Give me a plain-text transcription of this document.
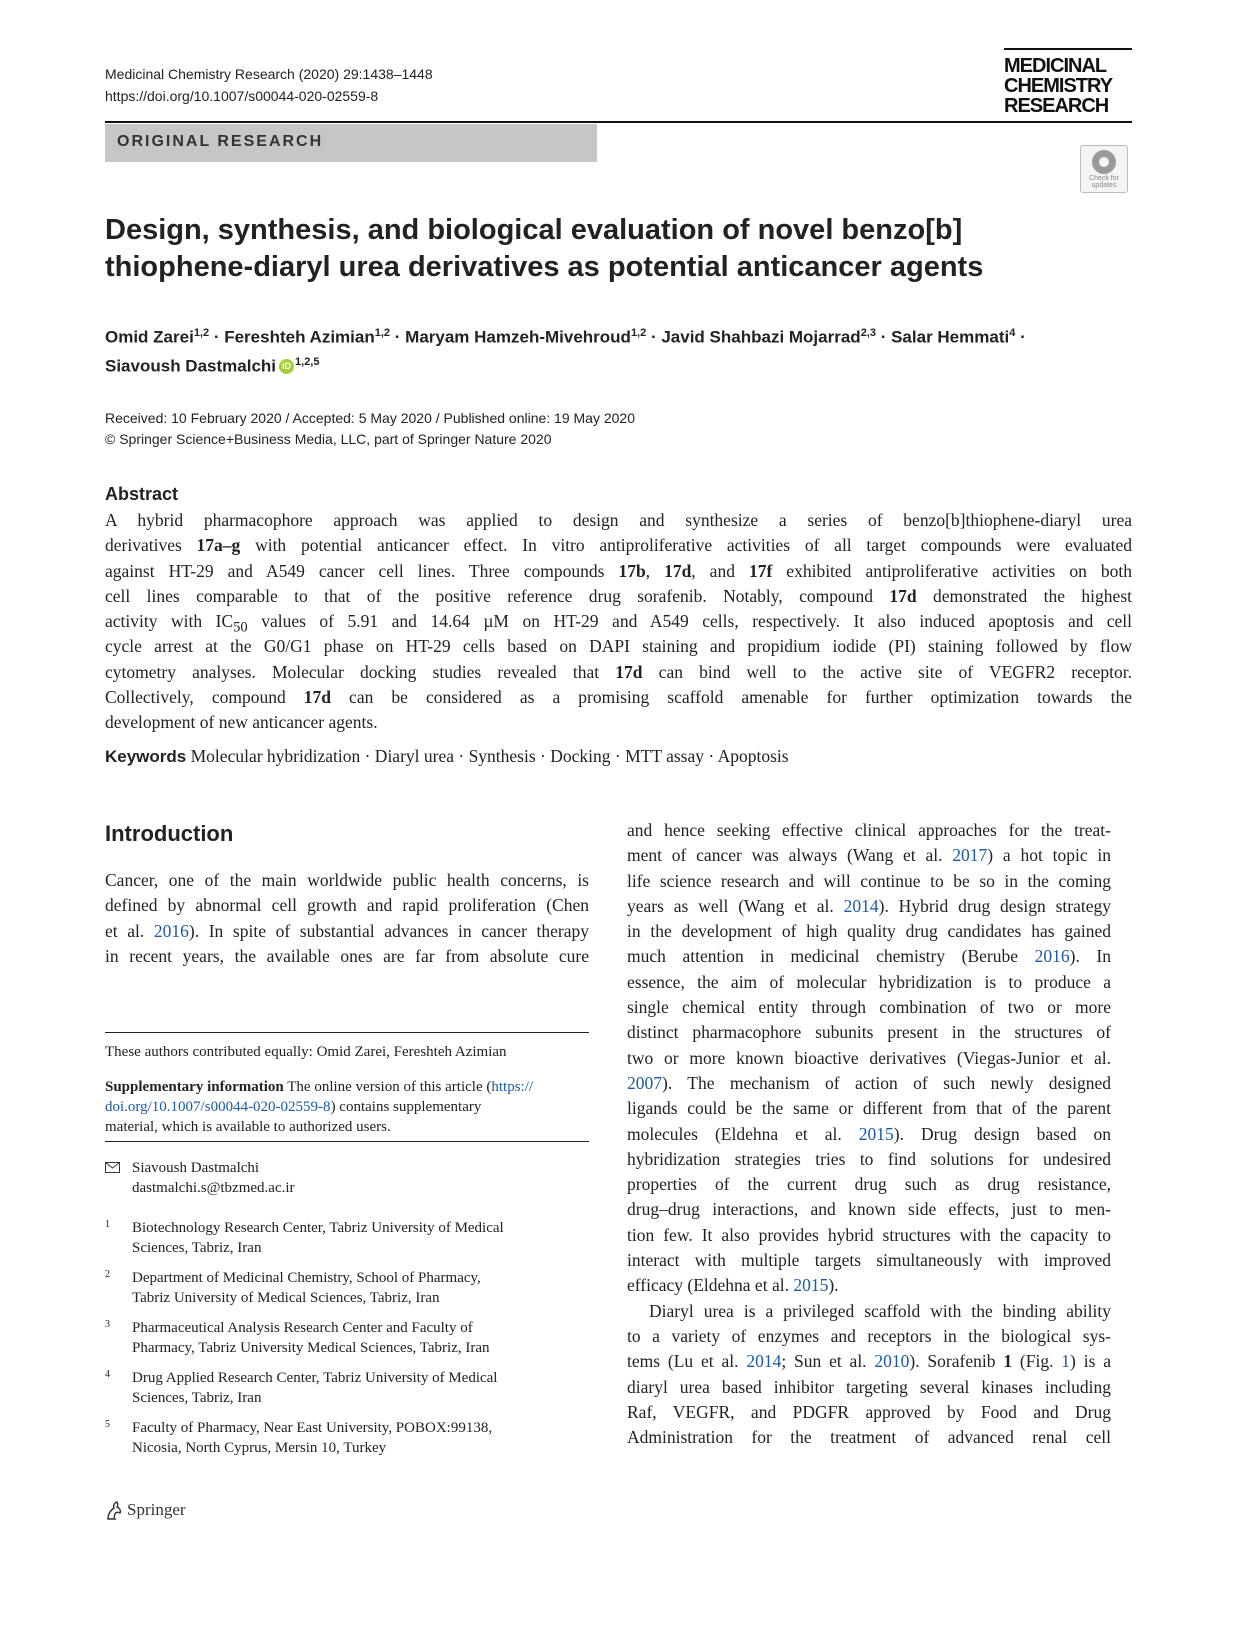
Medicinal Chemistry Research (2020) 29:1438–1448
https://doi.org/10.1007/s00044-020-02559-8
MEDICINAL
CHEMISTRY
RESEARCH
ORIGINAL RESEARCH
Check for
updates
Design, synthesis, and biological evaluation of novel benzo[b]
thiophene-diaryl urea derivatives as potential anticancer agents
Omid Zarei$^{1,2}$ · Fereshteh Azimian$^{1,2}$ · Maryam Hamzeh-Mivehroud$^{1,2}$ · Javid Shahbazi Mojarrad$^{2,3}$ · Salar Hemmati$^4$ ·
Siavoush Dastmalchi iD $^{1,2,5}$
Received: 10 February 2020 / Accepted: 5 May 2020 / Published online: 19 May 2020
© Springer Science+Business Media, LLC, part of Springer Nature 2020
Abstract
A hybrid pharmacophore approach was applied to design and synthesize a series of benzo[b]thiophene-diaryl urea
derivatives 17a–g with potential anticancer effect. In vitro antiproliferative activities of all target compounds were evaluated
against HT-29 and A549 cancer cell lines. Three compounds 17b, 17d, and 17f exhibited antiproliferative activities on both
cell lines comparable to that of the positive reference drug sorafenib. Notably, compound 17d demonstrated the highest
activity with $IC_{50}$ values of 5.91 and 14.64 µM on HT-29 and A549 cells, respectively. It also induced apoptosis and cell
cycle arrest at the G0/G1 phase on HT-29 cells based on DAPI staining and propidium iodide (PI) staining followed by flow
cytometry analyses. Molecular docking studies revealed that 17d can bind well to the active site of VEGFR2 receptor.
Collectively, compound 17d can be considered as a promising scaffold amenable for further optimization towards the
development of new anticancer agents.
Keywords Molecular hybridization · Diaryl urea · Synthesis · Docking · MTT assay · Apoptosis
Introduction
Cancer, one of the main worldwide public health concerns, is
defined by abnormal cell growth and rapid proliferation (Chen
et al. 2016). In spite of substantial advances in cancer therapy
in recent years, the available ones are far from absolute cure
and hence seeking effective clinical approaches for the treat-
ment of cancer was always (Wang et al. 2017) a hot topic in
life science research and will continue to be so in the coming
years as well (Wang et al. 2014). Hybrid drug design strategy
in the development of high quality drug candidates has gained
much attention in medicinal chemistry (Berube 2016). In
essence, the aim of molecular hybridization is to produce a
single chemical entity through combination of two or more
distinct pharmacophore subunits present in the structures of
two or more known bioactive derivatives (Viegas-Junior et al.
2007). The mechanism of action of such newly designed
ligands could be the same or different from that of the parent
molecules (Eldehna et al. 2015). Drug design based on
hybridization strategies tries to find solutions for undesired
properties of the current drug such as drug resistance,
drug–drug interactions, and known side effects, just to men-
tion few. It also provides hybrid structures with the capacity to
interact with multiple targets simultaneously with improved
efficacy (Eldehna et al. 2015).
Diaryl urea is a privileged scaffold with the binding ability
to a variety of enzymes and receptors in the biological sys-
tems (Lu et al. 2014; Sun et al. 2010). Sorafenib 1 (Fig. 1) is a
diaryl urea based inhibitor targeting several kinases including
Raf, VEGFR, and PDGFR approved by Food and Drug
Administration for the treatment of advanced renal cell
These authors contributed equally: Omid Zarei, Fereshteh Azimian
Supplementary information The online version of this article (https://
doi.org/10.1007/s00044-020-02559-8) contains supplementary
material, which is available to authorized users.
Siavoush Dastmalchi
dastmalchi.s@tbzmed.ac.ir
1 Biotechnology Research Center, Tabriz University of Medical
Sciences, Tabriz, Iran
2 Department of Medicinal Chemistry, School of Pharmacy,
Tabriz University of Medical Sciences, Tabriz, Iran
3 Pharmaceutical Analysis Research Center and Faculty of
Pharmacy, Tabriz University Medical Sciences, Tabriz, Iran
4 Drug Applied Research Center, Tabriz University of Medical
Sciences, Tabriz, Iran
5 Faculty of Pharmacy, Near East University, POBOX:99138,
Nicosia, North Cyprus, Mersin 10, Turkey
Springer
